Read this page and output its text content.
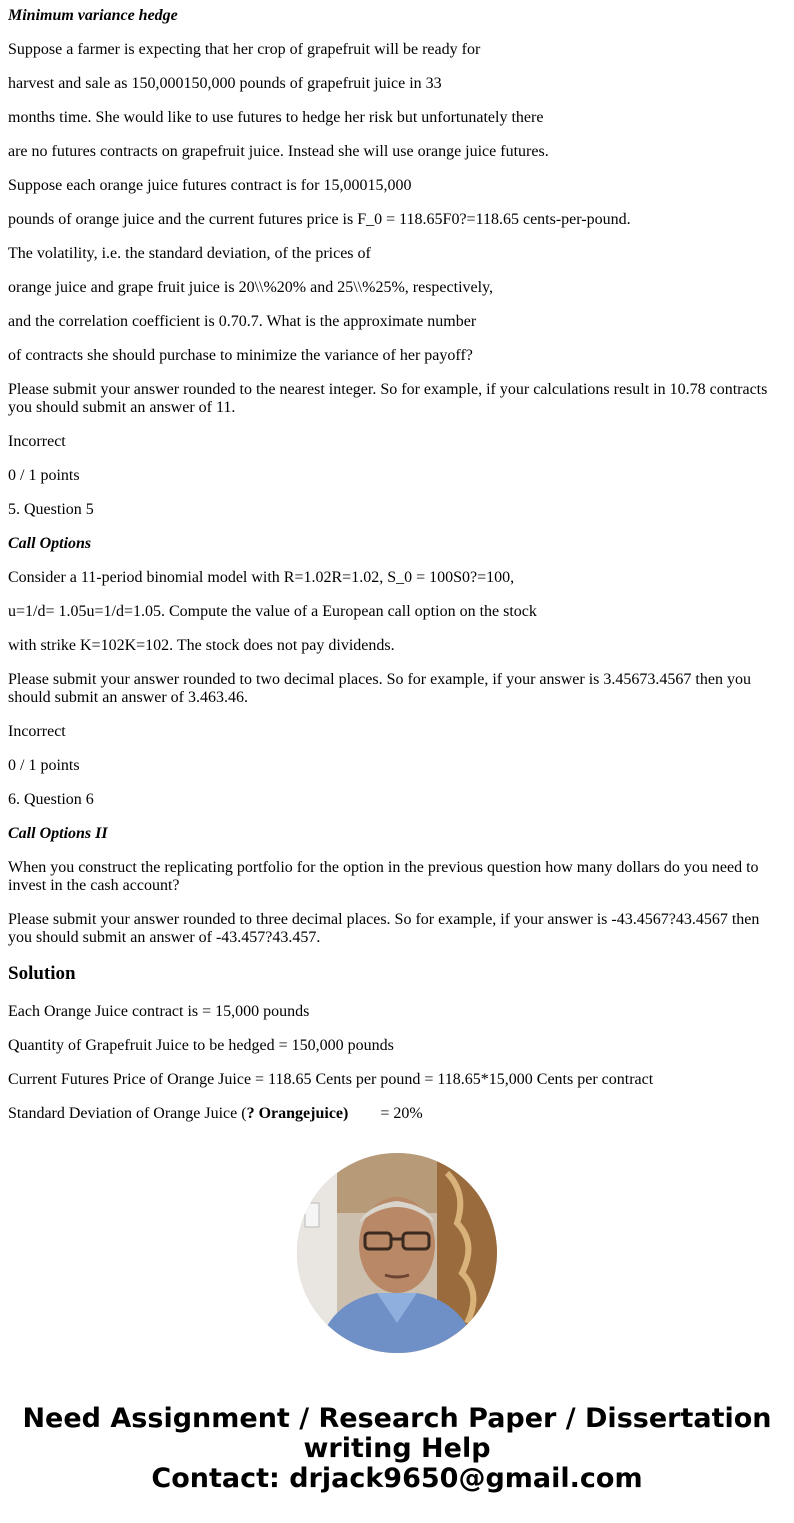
Minimum variance hedge

Suppose a farmer is expecting that her crop of grapefruit will be ready for

harvest and sale as 150,000150,000 pounds of grapefruit juice in 33

months time. She would like to use futures to hedge her risk but unfortunately there

are no futures contracts on grapefruit juice. Instead she will use orange juice futures.

Suppose each orange juice futures contract is for 15,00015,000

pounds of orange juice and the current futures price is F_0 = 118.65F0?=118.65 cents-per-pound.

The volatility, i.e. the standard deviation, of the prices of

orange juice and grape fruit juice is 20\\%20% and 25\\%25%, respectively,

and the correlation coefficient is 0.70.7. What is the approximate number

of contracts she should purchase to minimize the variance of her payoff?

Please submit your answer rounded to the nearest integer. So for example, if your calculations result in 10.78 contracts you should submit an answer of 11.

Incorrect

0 / 1 points

5. Question 5

Call Options

Consider a 11-period binomial model with R=1.02R=1.02, S_0 = 100S0?=100,

u=1/d= 1.05u=1/d=1.05. Compute the value of a European call option on the stock

with strike K=102K=102. The stock does not pay dividends.

Please submit your answer rounded to two decimal places. So for example, if your answer is 3.45673.4567 then you should submit an answer of 3.463.46.

Incorrect

0 / 1 points

6. Question 6

Call Options II

When you construct the replicating portfolio for the option in the previous question how many dollars do you need to invest in the cash account?

Please submit your answer rounded to three decimal places. So for example, if your answer is -43.4567?43.4567 then you should submit an answer of -43.457?43.457.

Solution

Each Orange Juice contract is = 15,000 pounds

Quantity of Grapefruit Juice to be hedged = 150,000 pounds

Current Futures Price of Orange Juice = 118.65 Cents per pound = 118.65*15,000 Cents per contract

Standard Deviation of Orange Juice (? Orangejuice) = 20%

Need Assignment / Research Paper / Dissertation
writing Help
Contact: drjack9650@gmail.com
